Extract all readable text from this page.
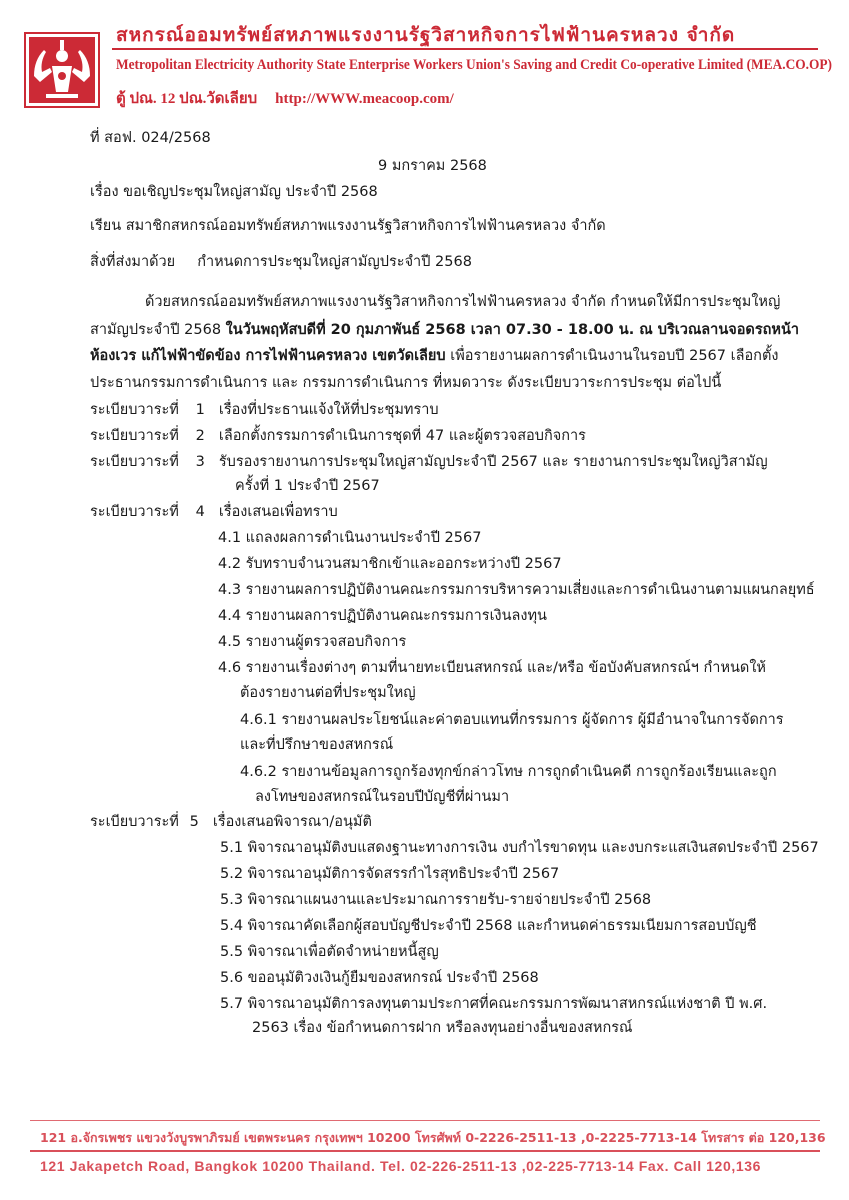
สหกรณ์ออมทรัพย์สหภาพแรงงานรัฐวิสาหกิจการไฟฟ้านครหลวง จำกัด
Metropolitan Electricity Authority State Enterprise Workers Union's Saving and Credit Co-operative Limited (MEA.CO.OP)
ตู้ ปณ. 12 ปณ.วัดเลียบ http://WWW.meacoop.com/
ที่ สอฟ. 024/2568
9 มกราคม 2568
เรื่อง ขอเชิญประชุมใหญ่สามัญ ประจำปี 2568
เรียน สมาชิกสหกรณ์ออมทรัพย์สหภาพแรงงานรัฐวิสาหกิจการไฟฟ้านครหลวง จำกัด
สิ่งที่ส่งมาด้วย กำหนดการประชุมใหญ่สามัญประจำปี 2568
ด้วยสหกรณ์ออมทรัพย์สหภาพแรงงานรัฐวิสาหกิจการไฟฟ้านครหลวง จำกัด กำหนดให้มีการประชุมใหญ่
สามัญประจำปี 2568 ในวันพฤหัสบดีที่ 20 กุมภาพันธ์ 2568 เวลา 07.30 - 18.00 น. ณ บริเวณลานจอดรถหน้า
ห้องเวร แก้ไฟฟ้าขัดข้อง การไฟฟ้านครหลวง เขตวัดเลียบ เพื่อรายงานผลการดำเนินงานในรอบปี 2567 เลือกตั้ง
ประธานกรรมการดำเนินการ และ กรรมการดำเนินการ ที่หมดวาระ ดังระเบียบวาระการประชุม ต่อไปนี้
ระเบียบวาระที่ 1 เรื่องที่ประธานแจ้งให้ที่ประชุมทราบ
ระเบียบวาระที่ 2 เลือกตั้งกรรมการดำเนินการชุดที่ 47 และผู้ตรวจสอบกิจการ
ระเบียบวาระที่ 3 รับรองรายงานการประชุมใหญ่สามัญประจำปี 2567 และ รายงานการประชุมใหญ่วิสามัญ
ครั้งที่ 1 ประจำปี 2567
ระเบียบวาระที่ 4 เรื่องเสนอเพื่อทราบ
4.1 แถลงผลการดำเนินงานประจำปี 2567
4.2 รับทราบจำนวนสมาชิกเข้าและออกระหว่างปี 2567
4.3 รายงานผลการปฏิบัติงานคณะกรรมการบริหารความเสี่ยงและการดำเนินงานตามแผนกลยุทธ์
4.4 รายงานผลการปฏิบัติงานคณะกรรมการเงินลงทุน
4.5 รายงานผู้ตรวจสอบกิจการ
4.6 รายงานเรื่องต่างๆ ตามที่นายทะเบียนสหกรณ์ และ/หรือ ข้อบังคับสหกรณ์ฯ กำหนดให้
ต้องรายงานต่อที่ประชุมใหญ่
4.6.1 รายงานผลประโยชน์และค่าตอบแทนที่กรรมการ ผู้จัดการ ผู้มีอำนาจในการจัดการ
และที่ปรึกษาของสหกรณ์
4.6.2 รายงานข้อมูลการถูกร้องทุกข์กล่าวโทษ การถูกดำเนินคดี การถูกร้องเรียนและถูก
ลงโทษของสหกรณ์ในรอบปีบัญชีที่ผ่านมา
ระเบียบวาระที่ 5 เรื่องเสนอพิจารณา/อนุมัติ
5.1 พิจารณาอนุมัติงบแสดงฐานะทางการเงิน งบกำไรขาดทุน และงบกระแสเงินสดประจำปี 2567
5.2 พิจารณาอนุมัติการจัดสรรกำไรสุทธิประจำปี 2567
5.3 พิจารณาแผนงานและประมาณการรายรับ-รายจ่ายประจำปี 2568
5.4 พิจารณาคัดเลือกผู้สอบบัญชีประจำปี 2568 และกำหนดค่าธรรมเนียมการสอบบัญชี
5.5 พิจารณาเพื่อตัดจำหน่ายหนี้สูญ
5.6 ขออนุมัติวงเงินกู้ยืมของสหกรณ์ ประจำปี 2568
5.7 พิจารณาอนุมัติการลงทุนตามประกาศที่คณะกรรมการพัฒนาสหกรณ์แห่งชาติ ปี พ.ศ.
2563 เรื่อง ข้อกำหนดการฝาก หรือลงทุนอย่างอื่นของสหกรณ์
121 อ.จักรเพชร แขวงวังบูรพาภิรมย์ เขตพระนคร กรุงเทพฯ 10200 โทรศัพท์ 0-2226-2511-13 ,0-2225-7713-14 โทรสาร ต่อ 120,136
121 Jakapetch Road, Bangkok 10200 Thailand. Tel. 02-226-2511-13 ,02-225-7713-14 Fax. Call 120,136
